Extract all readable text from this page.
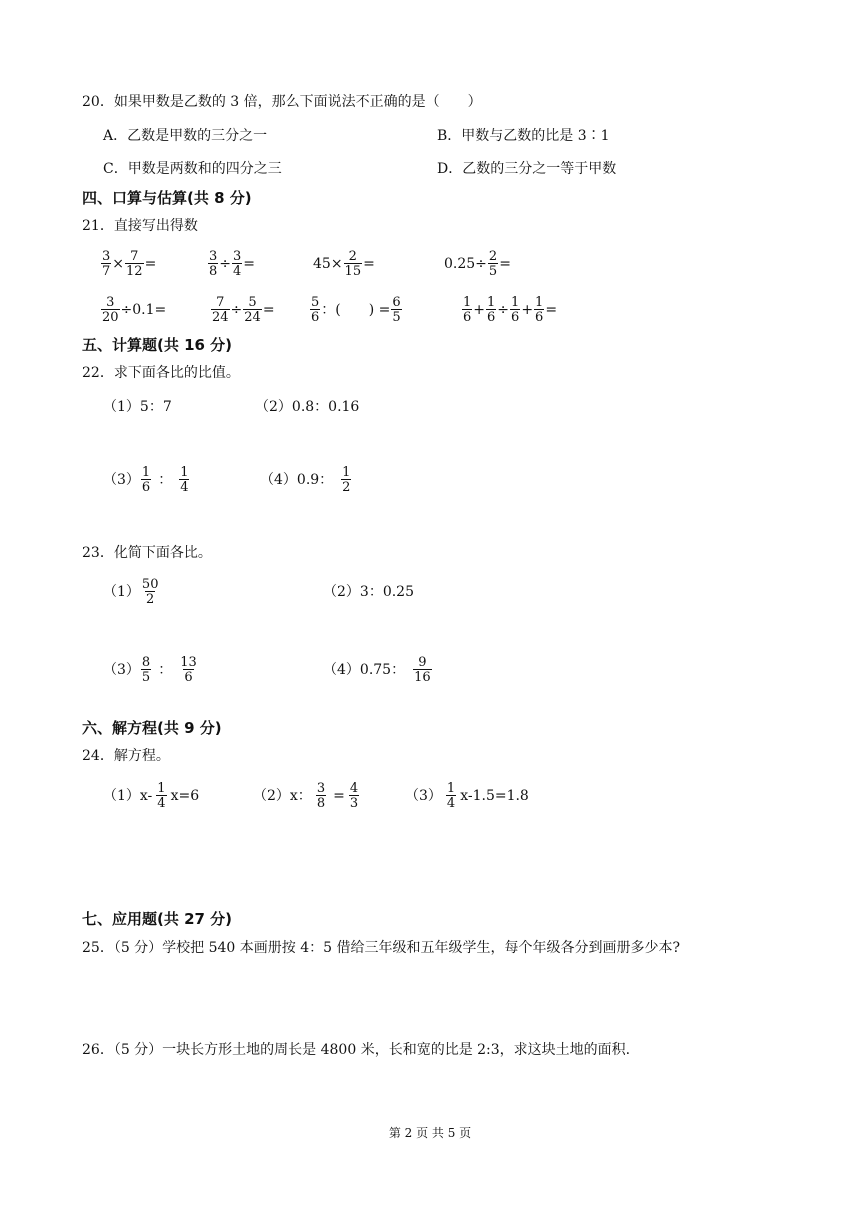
20．如果甲数是乙数的 3 倍，那么下面说法不正确的是（　　）
A．乙数是甲数的三分之一	B．甲数与乙数的比是 3∶1
C．甲数是两数和的四分之三	D．乙数的三分之一等于甲数
四、口算与估算(共 8 分)
21．直接写出得数
$\frac{3}{7} \times \frac{7}{12}$ =	$\frac{3}{8} \div \frac{3}{4}$ =	$45\times \frac{2}{15}$ =	$0.25\div \frac{2}{5}$ =
$\frac{3}{20} \div 0.1=$	$\frac{7}{24} \div \frac{5}{24}$ =	5
6 ：(　　) = $\frac{6}{5}$	1
$6 + \frac{1}{6} \div \frac{1}{6} + \frac{1}{6}$ =
五、计算题(共 16 分)
22．求下面各比的比值。
（1）5：7	（2）0.8：0.16
（3） 1
6 ： 1
4	（4）0.9： 1
2
23．化简下面各比。
（1） 50
2	（2）3：0.25
（3） 8
5 ： 13
6	（4）0.75： 9
16
六、解方程(共 9 分)
24．解方程。
（1）x- 1
4 x=6	（2）x： $\frac{3}{8} = \frac{4}{3}$	（3） 1
4 x-1.5=1.8
七、应用题(共 27 分)
25．（5 分）学校把 540 本画册按 4：5 借给三年级和五年级学生，每个年级各分到画册多少本?
26．（5 分）一块长方形土地的周长是 4800 米，长和宽的比是 2:3，求这块土地的面积.
第 2 页 共 5 页
